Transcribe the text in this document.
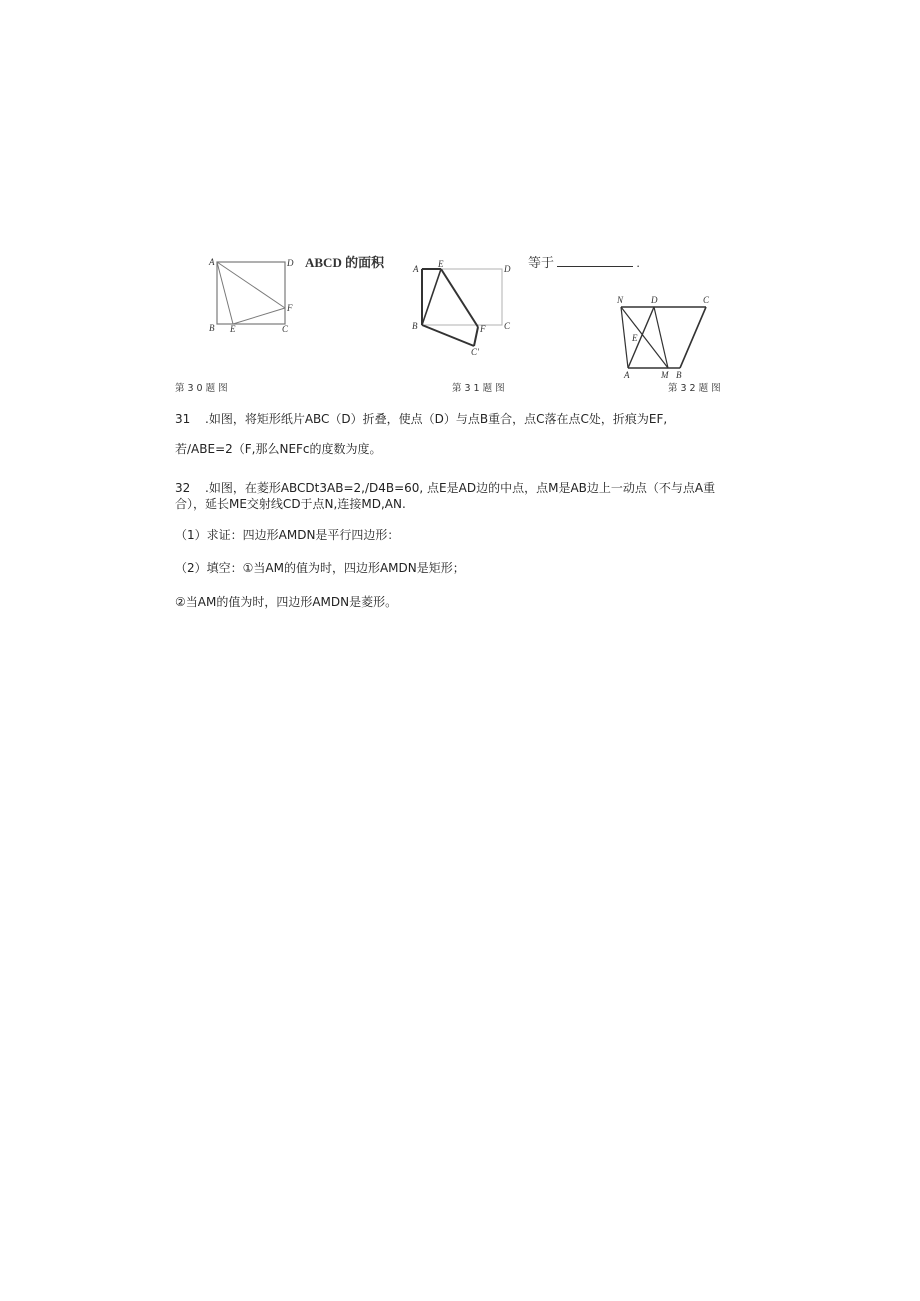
ABCD 的面积	等于	.
A	D
B E	C
F
A E	D
B	F C
C'
N	D	C
E
A	M B
第30题图	第31题图	第32题图
31 .如图，将矩形纸片ABC（D）折叠，使点（D）与点B重合，点C落在点C处，折痕为EF,
若∕ABE=2（F,那么NEFc的度数为度。
32 .如图，在菱形ABCDt3AB=2,/D4B=60, 点E是AD边的中点，点M是AB边上一动点（不与点A重
合），延长ME交射线CD于点N,连接MD,AN.
（1）求证：四边形AMDN是平行四边形：
（2）填空：①当AM的值为时，四边形AMDN是矩形；
②当AM的值为时，四边形AMDN是菱形。
